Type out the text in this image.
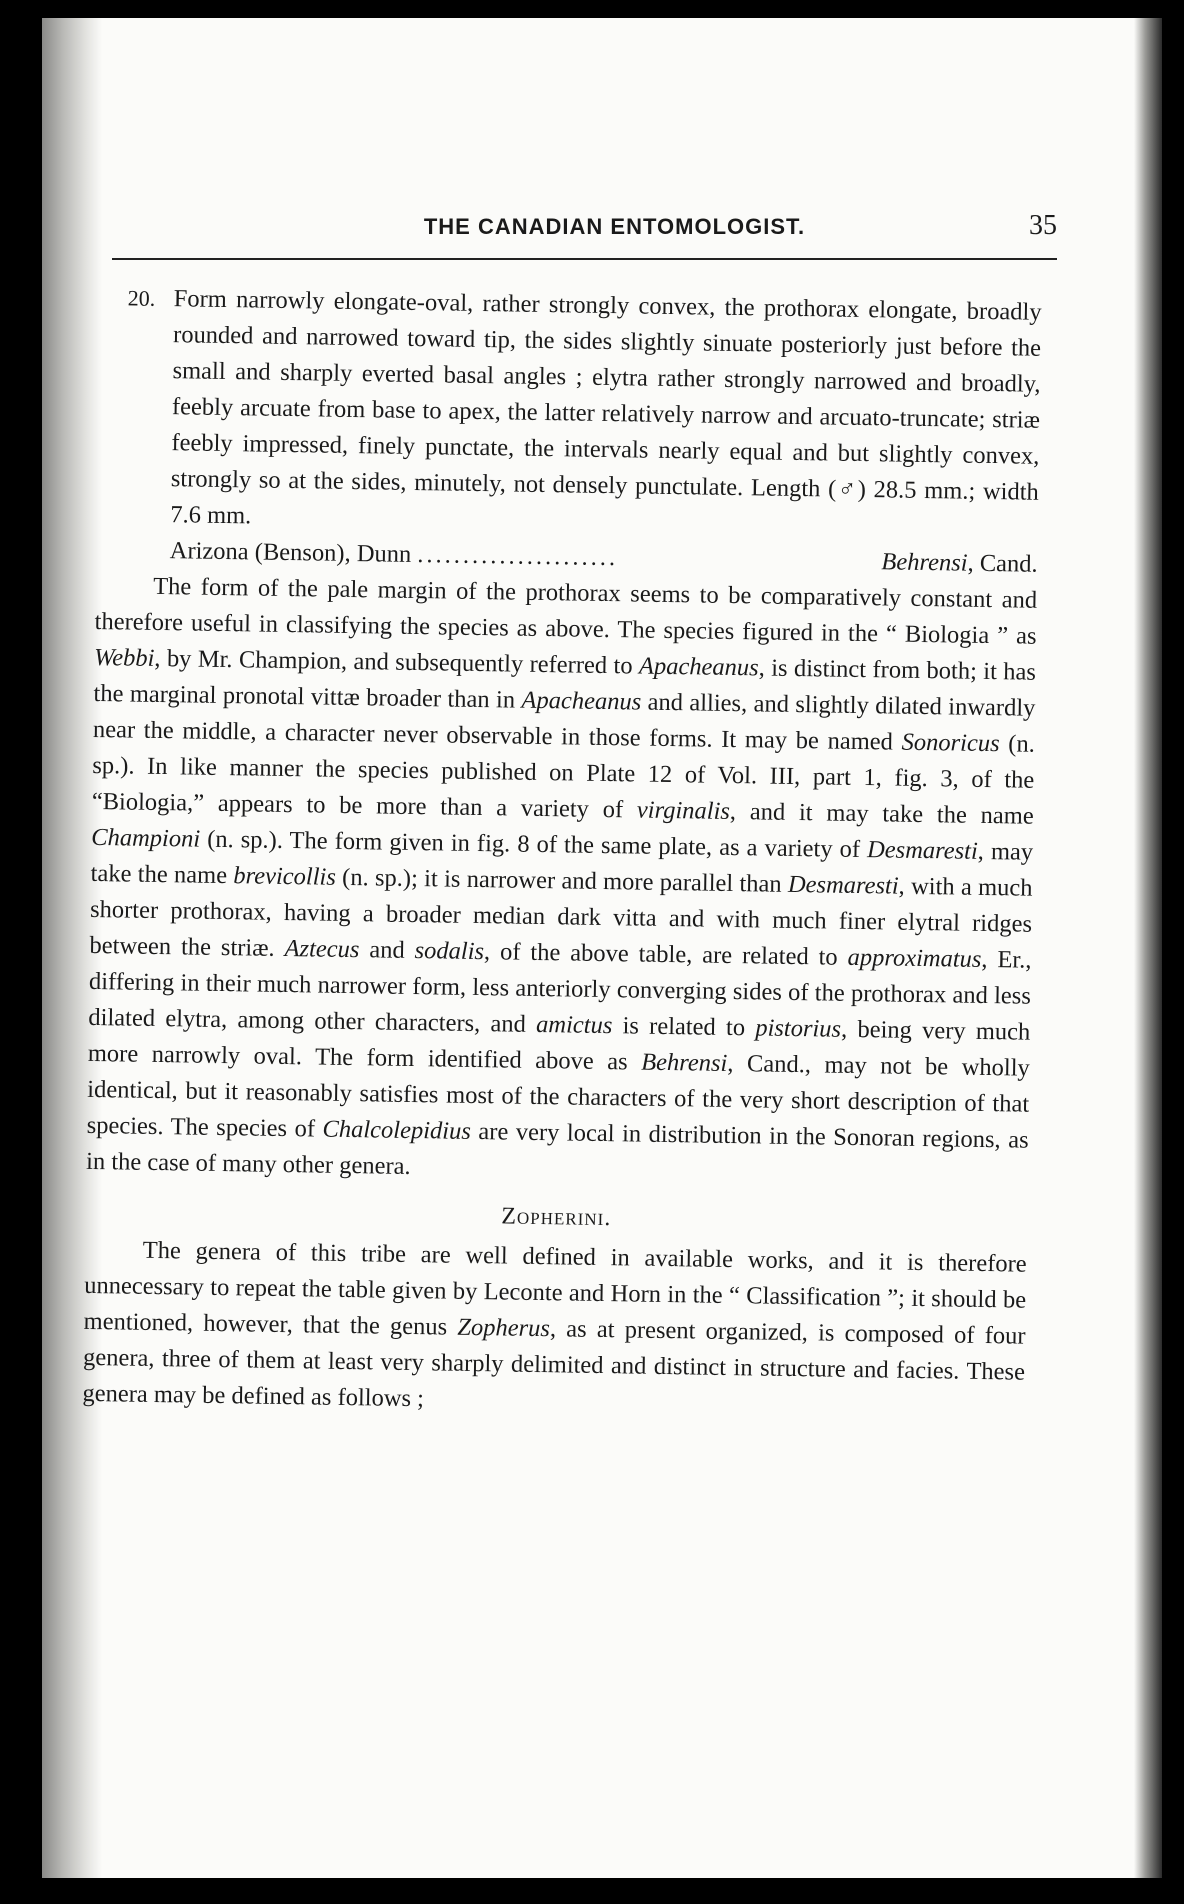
THE CANADIAN ENTOMOLOGIST.	35
20. Form narrowly elongate-oval, rather strongly convex, the prothorax elongate, broadly rounded and narrowed toward tip, the sides slightly sinuate posteriorly just before the small and sharply everted basal angles ; elytra rather strongly narrowed and broadly, feebly arcuate from base to apex, the latter relatively narrow and arcuato-truncate; striæ feebly impressed, finely punctate, the intervals nearly equal and but slightly convex, strongly so at the sides, minutely, not densely punctulate. Length (♂) 28.5 mm.; width 7.6 mm.
Arizona (Benson), Dunn ......................	Behrensi, Cand.

The form of the pale margin of the prothorax seems to be comparatively constant and therefore useful in classifying the species as above. The species figured in the “ Biologia ” as Webbi, by Mr. Champion, and subsequently referred to Apacheanus, is distinct from both; it has the marginal pronotal vittæ broader than in Apacheanus and allies, and slightly dilated inwardly near the middle, a character never observable in those forms. It may be named Sonoricus (n. sp.). In like manner the species published on Plate 12 of Vol. III, part 1, fig. 3, of the “Biologia,” appears to be more than a variety of virginalis, and it may take the name Championi (n. sp.). The form given in fig. 8 of the same plate, as a variety of Desmaresti, may take the name brevicollis (n. sp.); it is narrower and more parallel than Desmaresti, with a much shorter prothorax, having a broader median dark vitta and with much finer elytral ridges between the striæ. Aztecus and sodalis, of the above table, are related to approximatus, Er., differing in their much narrower form, less anteriorly converging sides of the prothorax and less dilated elytra, among other characters, and amictus is related to pistorius, being very much more narrowly oval. The form identified above as Behrensi, Cand., may not be wholly identical, but it reasonably satisfies most of the characters of the very short description of that species. The species of Chalcolepidius are very local in distribution in the Sonoran regions, as in the case of many other genera.

Zopherini.

The genera of this tribe are well defined in available works, and it is therefore unnecessary to repeat the table given by Leconte and Horn in the “ Classification ”; it should be mentioned, however, that the genus Zopherus, as at present organized, is composed of four genera, three of them at least very sharply delimited and distinct in structure and facies. These genera may be defined as follows ;
